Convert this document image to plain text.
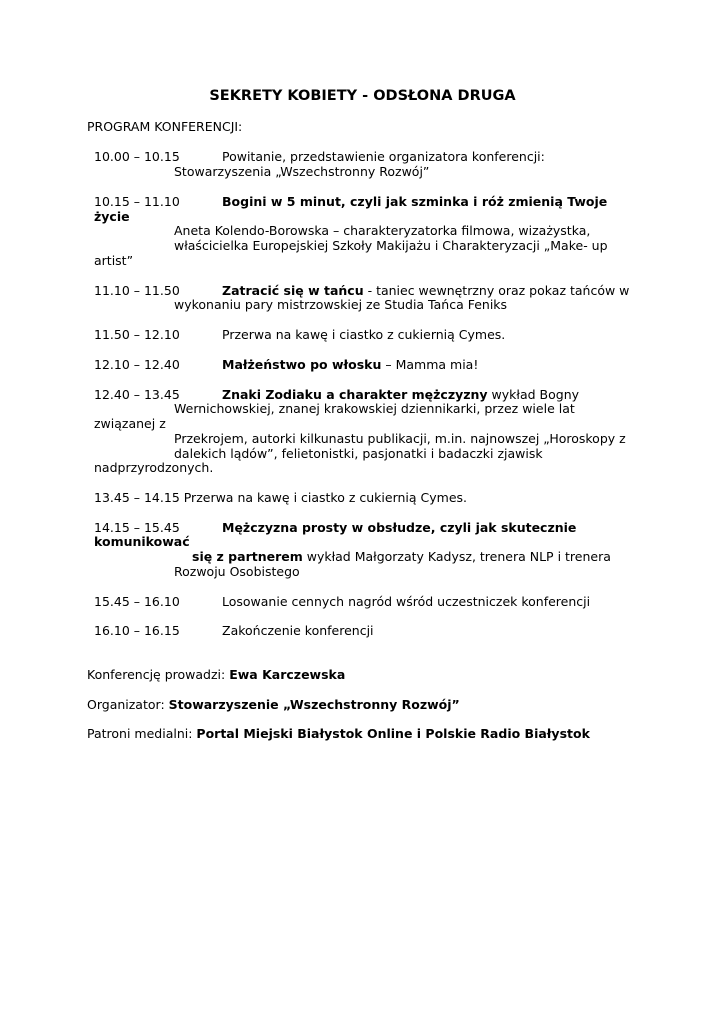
SEKRETY KOBIETY - ODSŁONA DRUGA
PROGRAM KONFERENCJI:
10.00 – 10.15	Powitanie, przedstawienie organizatora konferencji:
Stowarzyszenia „Wszechstronny Rozwój”
10.15 – 11.10	Bogini w 5 minut, czyli jak szminka i róż zmienią Twoje
życie
Aneta Kolendo-Borowska – charakteryzatorka filmowa, wizażystka,
właścicielka Europejskiej Szkoły Makijażu i Charakteryzacji „Make- up
artist”
11.10 – 11.50	Zatracić się w tańcu - taniec wewnętrzny oraz pokaz tańców w
wykonaniu pary mistrzowskiej ze Studia Tańca Feniks
11.50 – 12.10	Przerwa na kawę i ciastko z cukiernią Cymes.
12.10 – 12.40	Małżeństwo po włosku – Mamma mia!
12.40 – 13.45	Znaki Zodiaku a charakter mężczyzny wykład Bogny
Wernichowskiej, znanej krakowskiej dziennikarki, przez wiele lat
związanej z
Przekrojem, autorki kilkunastu publikacji, m.in. najnowszej „Horoskopy z
dalekich lądów”, felietonistki, pasjonatki i badaczki zjawisk
nadprzyrodzonych.
13.45 – 14.15 Przerwa na kawę i ciastko z cukiernią Cymes.
14.15 – 15.45	Mężczyzna prosty w obsłudze, czyli jak skutecznie
komunikować
się z partnerem wykład Małgorzaty Kadysz, trenera NLP i trenera
Rozwoju Osobistego
15.45 – 16.10	Losowanie cennych nagród wśród uczestniczek konferencji
16.10 – 16.15	Zakończenie konferencji
Konferencję prowadzi: Ewa Karczewska
Organizator: Stowarzyszenie „Wszechstronny Rozwój”
Patroni medialni: Portal Miejski Białystok Online i Polskie Radio Białystok
